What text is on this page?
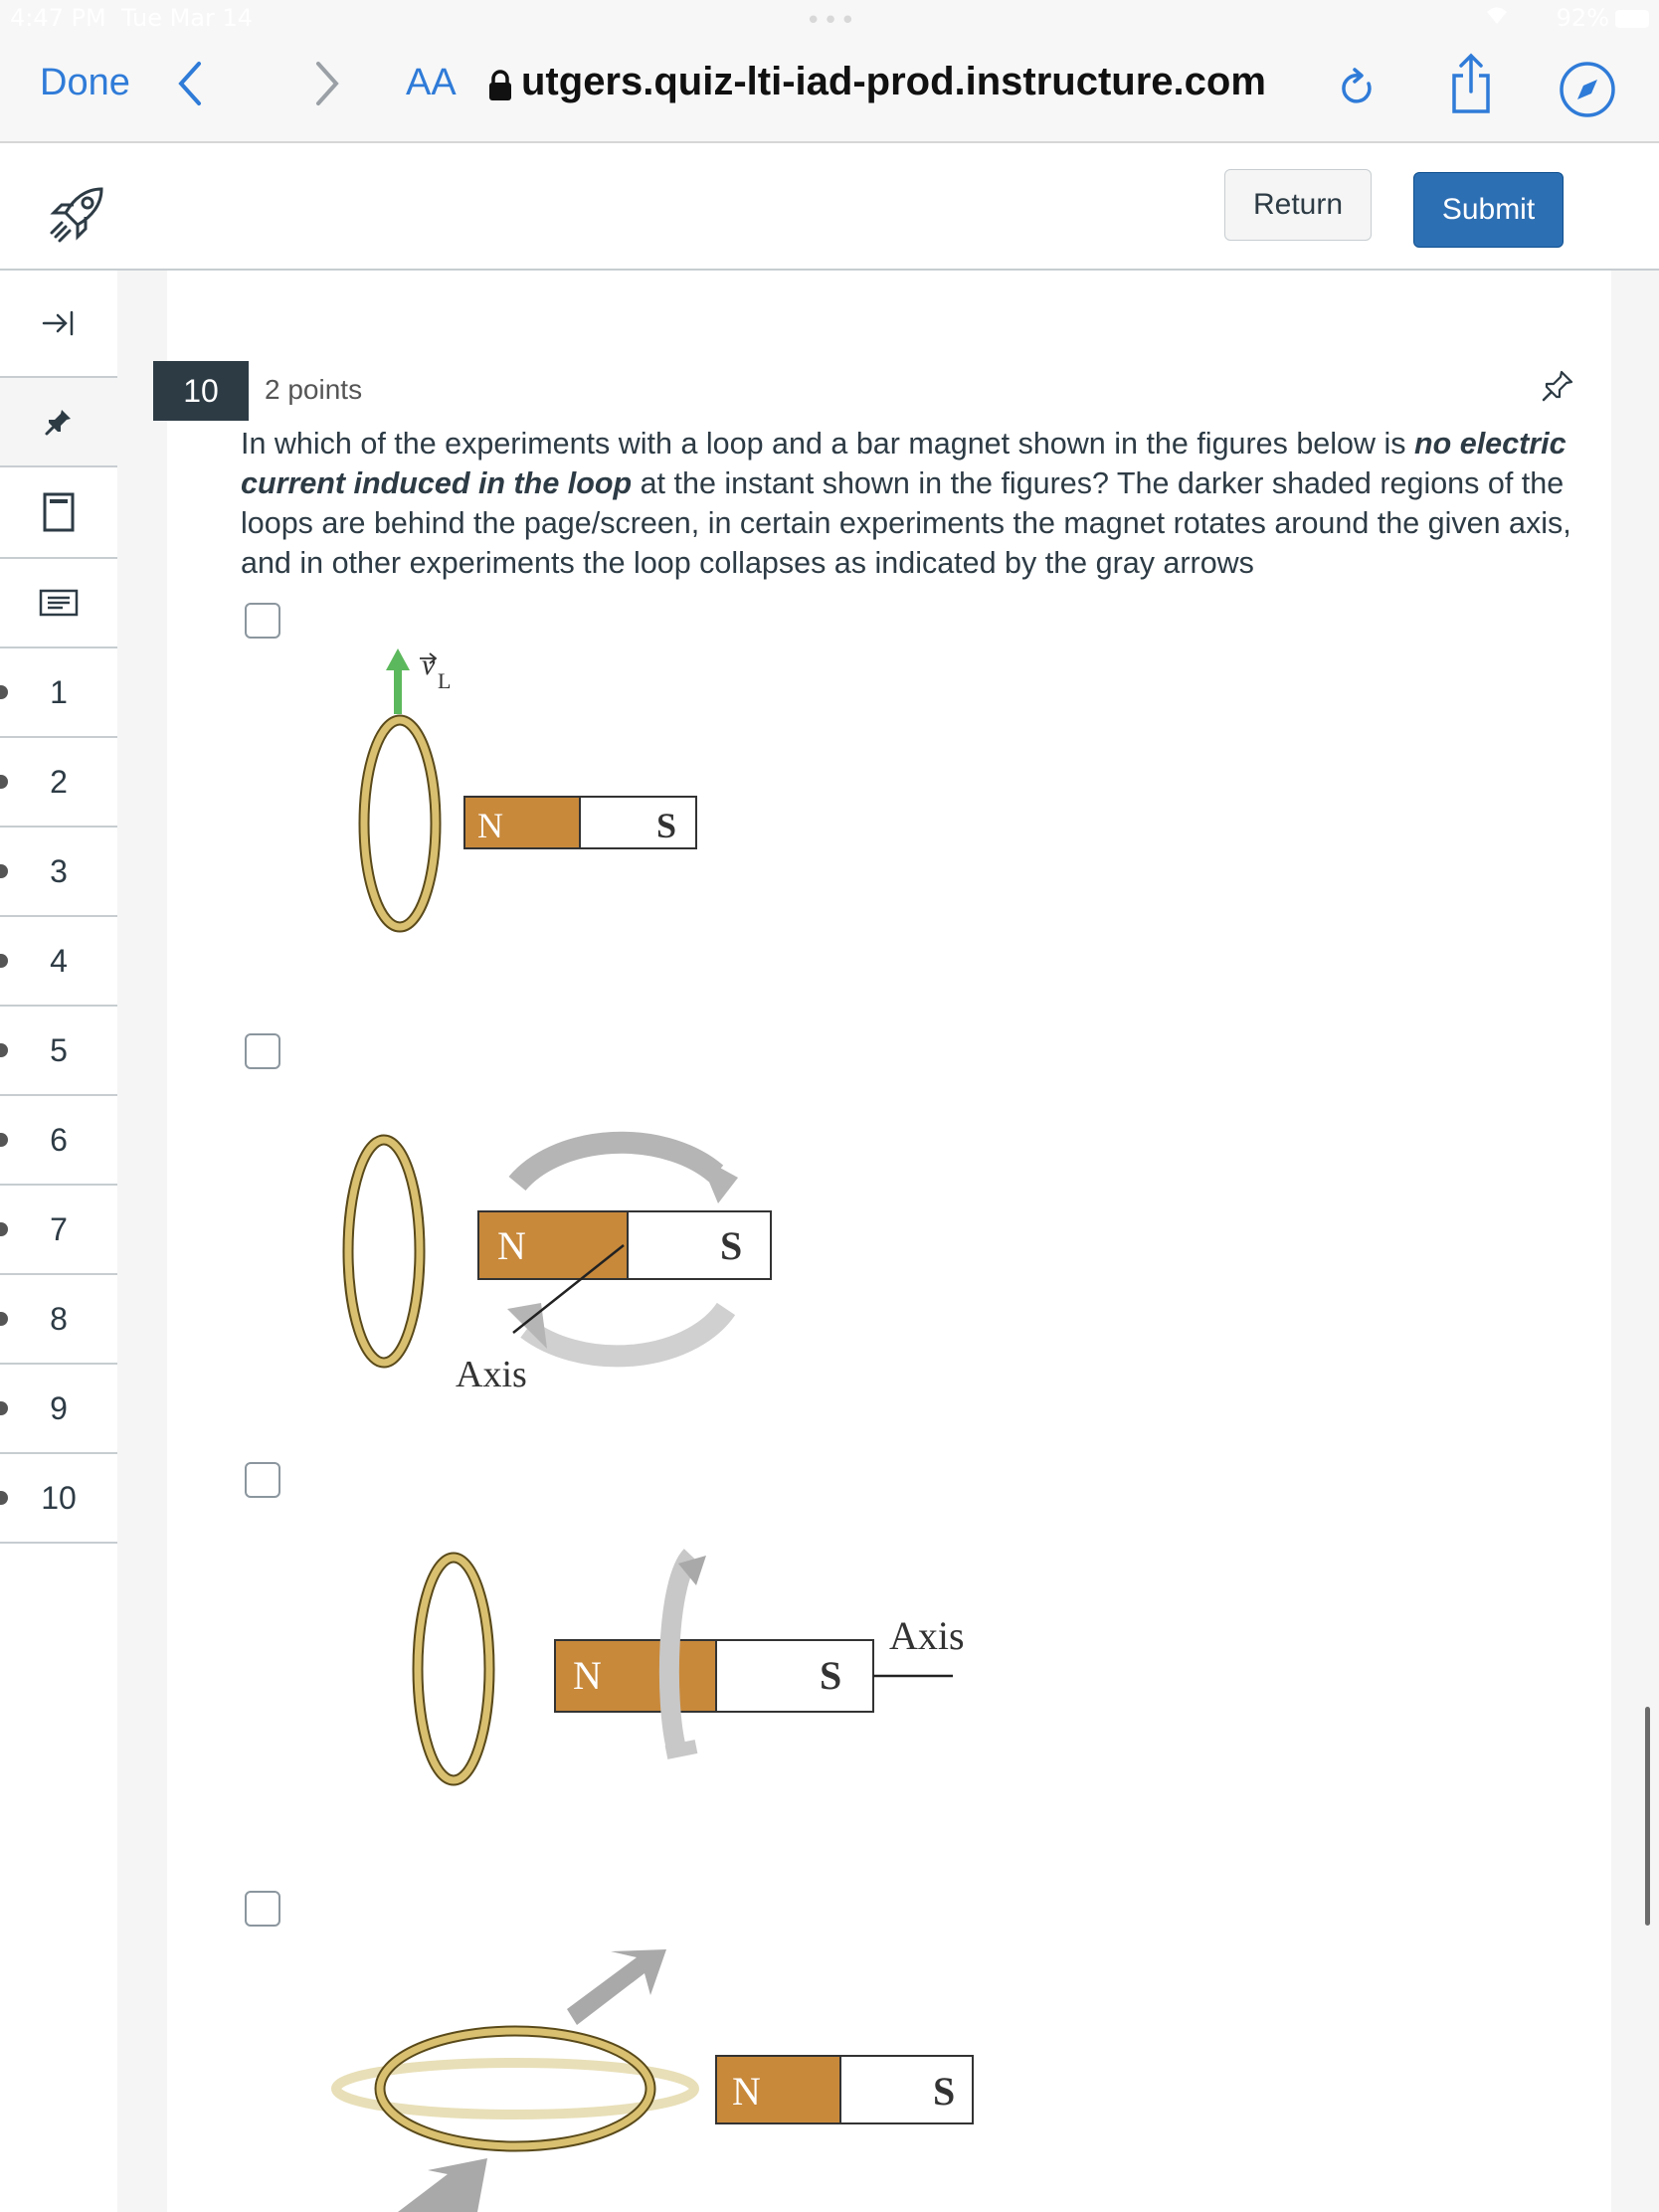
4:47 PM Tue Mar 14	•••	92%
Done	AA utgers.quiz-lti-iad-prod.instructure.com
Return	Submit
1
2
3
4
5
6
7
8
9
10
10	2 points
In which of the experiments with a loop and a bar magnet shown in the figures below is no electric current induced in the loop at the instant shown in the figures? The darker shaded regions of the loops are behind the page/screen, in certain experiments the magnet rotates around the given axis, and in other experiments the loop collapses as indicated by the gray arrows
v L
N	S
N	S
Axis
N	S
Axis
N	S
